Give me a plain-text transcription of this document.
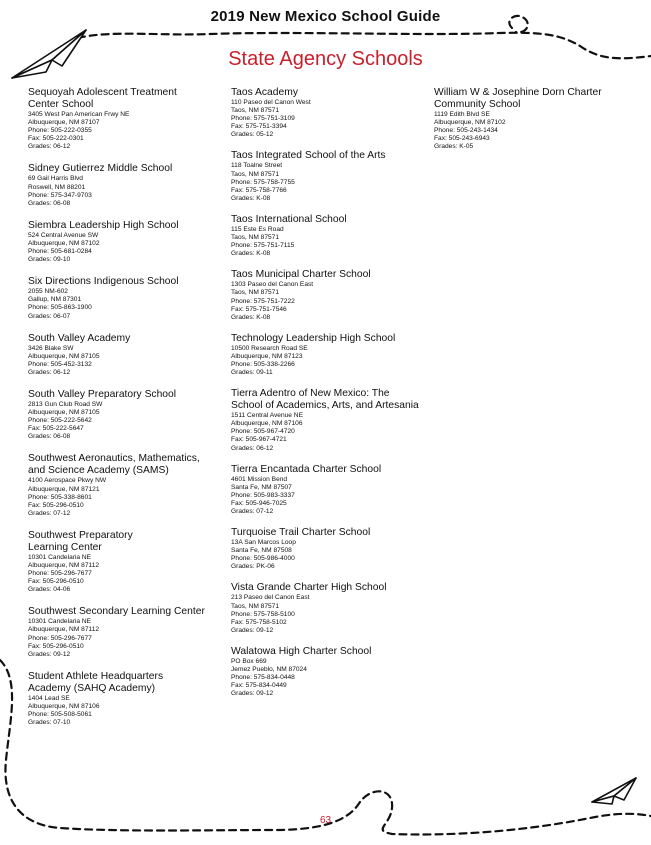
2019 New Mexico School Guide
State Agency Schools
Sequoyah Adolescent Treatment
Center School
3405 West Pan American Frwy NE
Albuquerque, NM 87107
Phone: 505-222-0355
Fax: 505-222-0301
Grades: 06-12
Sidney Gutierrez Middle School
69 Gail Harris Blvd
Roswell, NM 88201
Phone: 575-347-9703
Grades: 06-08
Siembra Leadership High School
524 Central Avenue SW
Albuquerque, NM 87102
Phone: 505-681-0284
Grades: 09-10
Six Directions Indigenous School
2055 NM-602
Gallup, NM 87301
Phone: 505-863-1900
Grades: 06-07
South Valley Academy
3426 Blake SW
Albuquerque, NM 87105
Phone: 505-452-3132
Grades: 06-12
South Valley Preparatory School
2813 Gun Club Road SW
Albuquerque, NM 87105
Phone: 505-222-5642
Fax: 505-222-5647
Grades: 06-08
Southwest Aeronautics, Mathematics,
and Science Academy (SAMS)
4100 Aerospace Pkwy NW
Albuquerque, NM 87121
Phone: 505-338-8601
Fax: 505-296-0510
Grades: 07-12
Southwest Preparatory
Learning Center
10301 Candelaria NE
Albuquerque, NM 87112
Phone: 505-296-7677
Fax: 505-296-0510
Grades: 04-06
Southwest Secondary Learning Center
10301 Candelaria NE
Albuquerque, NM 87112
Phone: 505-296-7677
Fax: 505-296-0510
Grades: 09-12
Student Athlete Headquarters
Academy (SAHQ Academy)
1404 Lead SE
Albuquerque, NM 87106
Phone: 505-508-5061
Grades: 07-10
Taos Academy
110 Paseo del Canon West
Taos, NM 87571
Phone: 575-751-3109
Fax: 575-751-3394
Grades: 05-12
Taos Integrated School of the Arts
118 Toalne Street
Taos, NM 87571
Phone: 575-758-7755
Fax: 575-758-7766
Grades: K-08
Taos International School
115 Este Es Road
Taos, NM 87571
Phone: 575-751-7115
Grades: K-08
Taos Municipal Charter School
1303 Paseo del Canon East
Taos, NM 87571
Phone: 575-751-7222
Fax: 575-751-7546
Grades: K-08
Technology Leadership High School
10500 Research Road SE
Albuquerque, NM 87123
Phone: 505-338-2266
Grades: 09-11
Tierra Adentro of New Mexico: The
School of Academics, Arts, and Artesania
1511 Central Avenue NE
Albuquerque, NM 87106
Phone: 505-967-4720
Fax: 505-967-4721
Grades: 06-12
Tierra Encantada Charter School
4601 Mission Bend
Santa Fe, NM 87507
Phone: 505-983-3337
Fax: 505-946-7025
Grades: 07-12
Turquoise Trail Charter School
13A San Marcos Loop
Santa Fe, NM 87508
Phone: 505-986-4000
Grades: PK-06
Vista Grande Charter High School
213 Paseo del Canon East
Taos, NM 87571
Phone: 575-758-5100
Fax: 575-758-5102
Grades: 09-12
Walatowa High Charter School
PO Box 669
Jemez Pueblo, NM 87024
Phone: 575-834-0448
Fax: 575-834-0449
Grades: 09-12
William W & Josephine Dorn Charter
Community School
1119 Edith Blvd SE
Albuquerque, NM 87102
Phone: 505-243-1434
Fax: 505-243-6943
Grades: K-05
63
